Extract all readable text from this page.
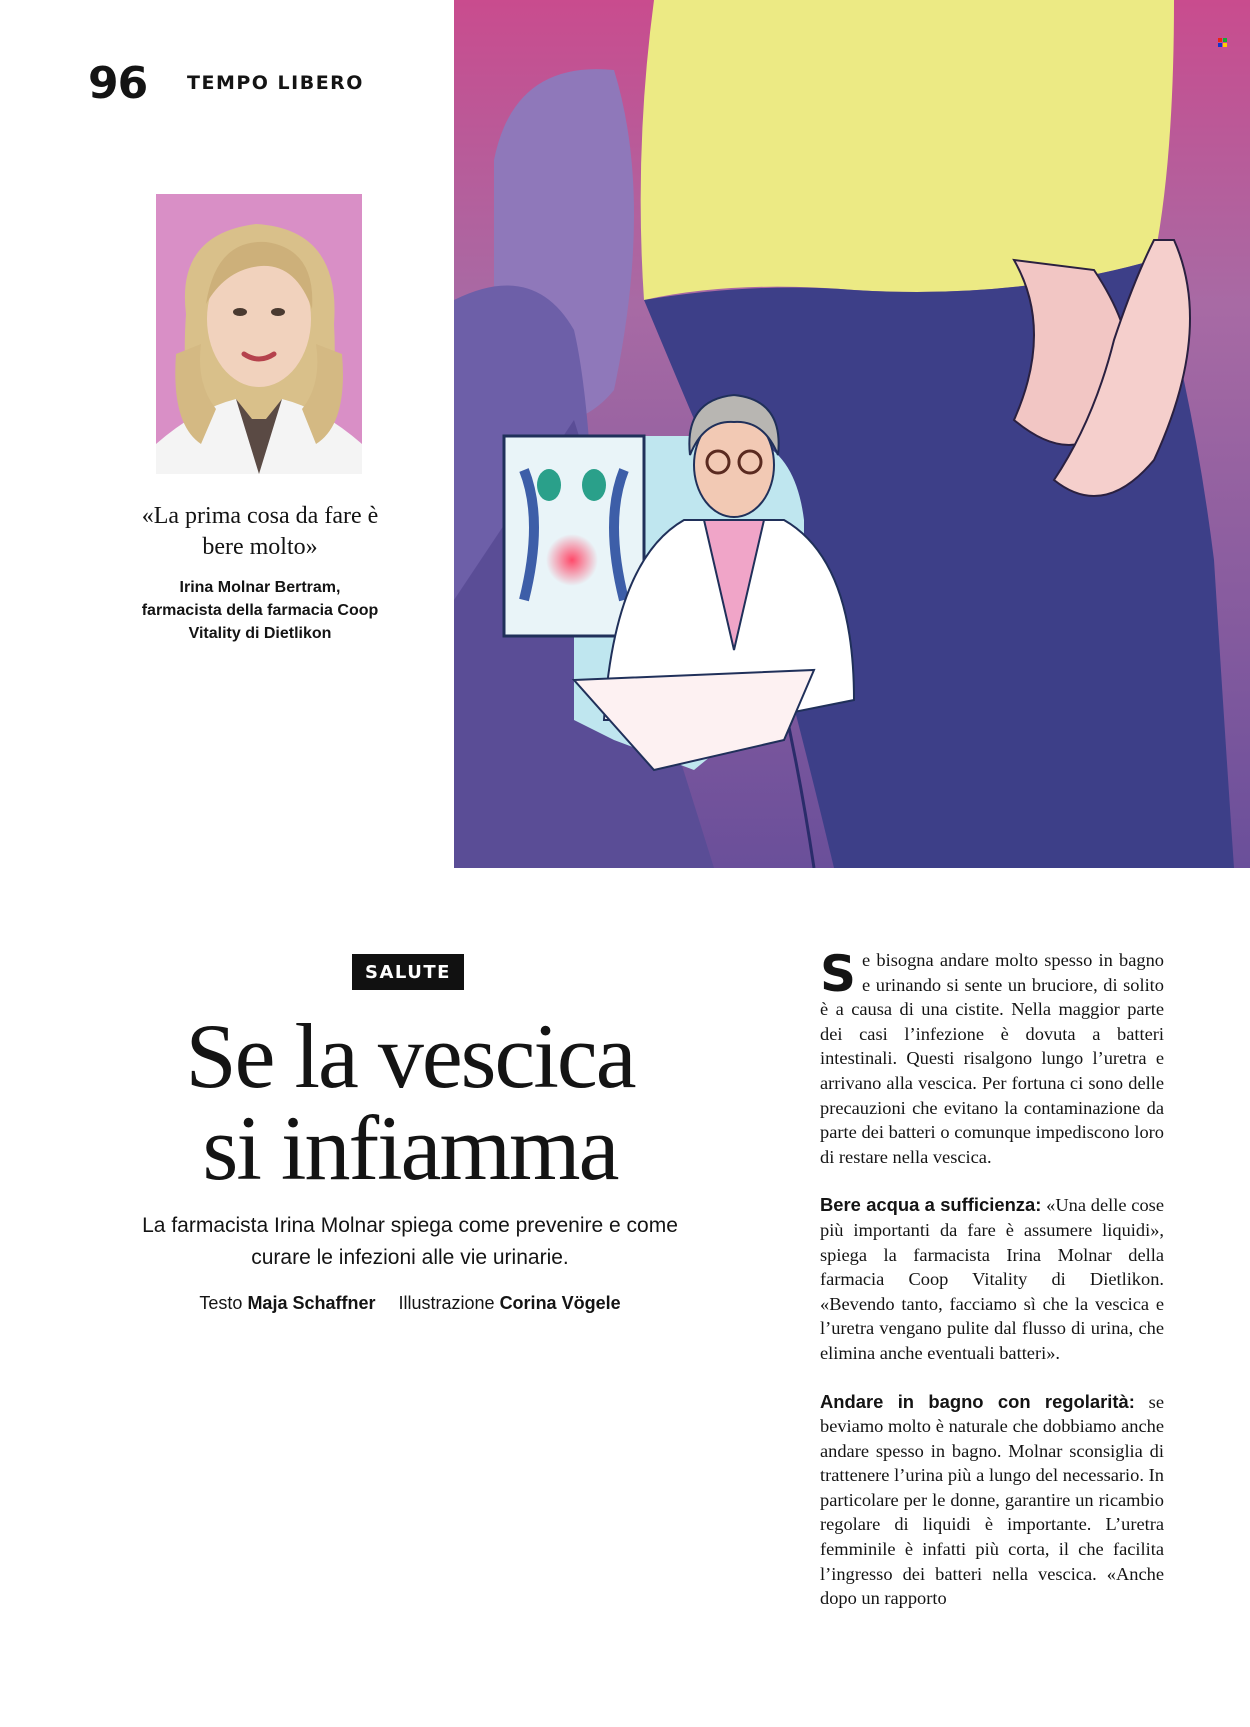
96 TEMPO LIBERO
«La prima cosa da fare è bere molto»
Irina Molnar Bertram,
farmacista della farmacia Coop Vitality di Dietlikon
SALUTE
Se la vescica
si infiamma
La farmacista Irina Molnar spiega come prevenire e come curare le infezioni alle vie urinarie.
Testo Maja Schaffner Illustrazione Corina Vögele

Se bisogna andare molto spesso in bagno e urinando si sente un bruciore, di solito è a causa di una cistite. Nella maggior parte dei casi l’infezione è dovuta a batteri intestinali. Questi risalgono lungo l’uretra e arrivano alla vescica. Per fortuna ci sono delle precauzioni che evitano la contaminazione da parte dei batteri o comunque impediscono loro di restare nella vescica.

Bere acqua a sufficienza: «Una delle cose più importanti da fare è assumere liquidi», spiega la farmacista Irina Molnar della farmacia Coop Vitality di Dietlikon. «Bevendo tanto, facciamo sì che la vescica e l’uretra vengano pulite dal flusso di urina, che elimina anche eventuali batteri».

Andare in bagno con regolarità: se beviamo molto è naturale che dobbiamo anche andare spesso in bagno. Molnar sconsiglia di trattenere l’urina più a lungo del necessario. In particolare per le donne, garantire un ricambio regolare di liquidi è importante. L’uretra femminile è infatti più corta, il che facilita l’ingresso dei batteri nella vescica. «Anche dopo un rapporto
